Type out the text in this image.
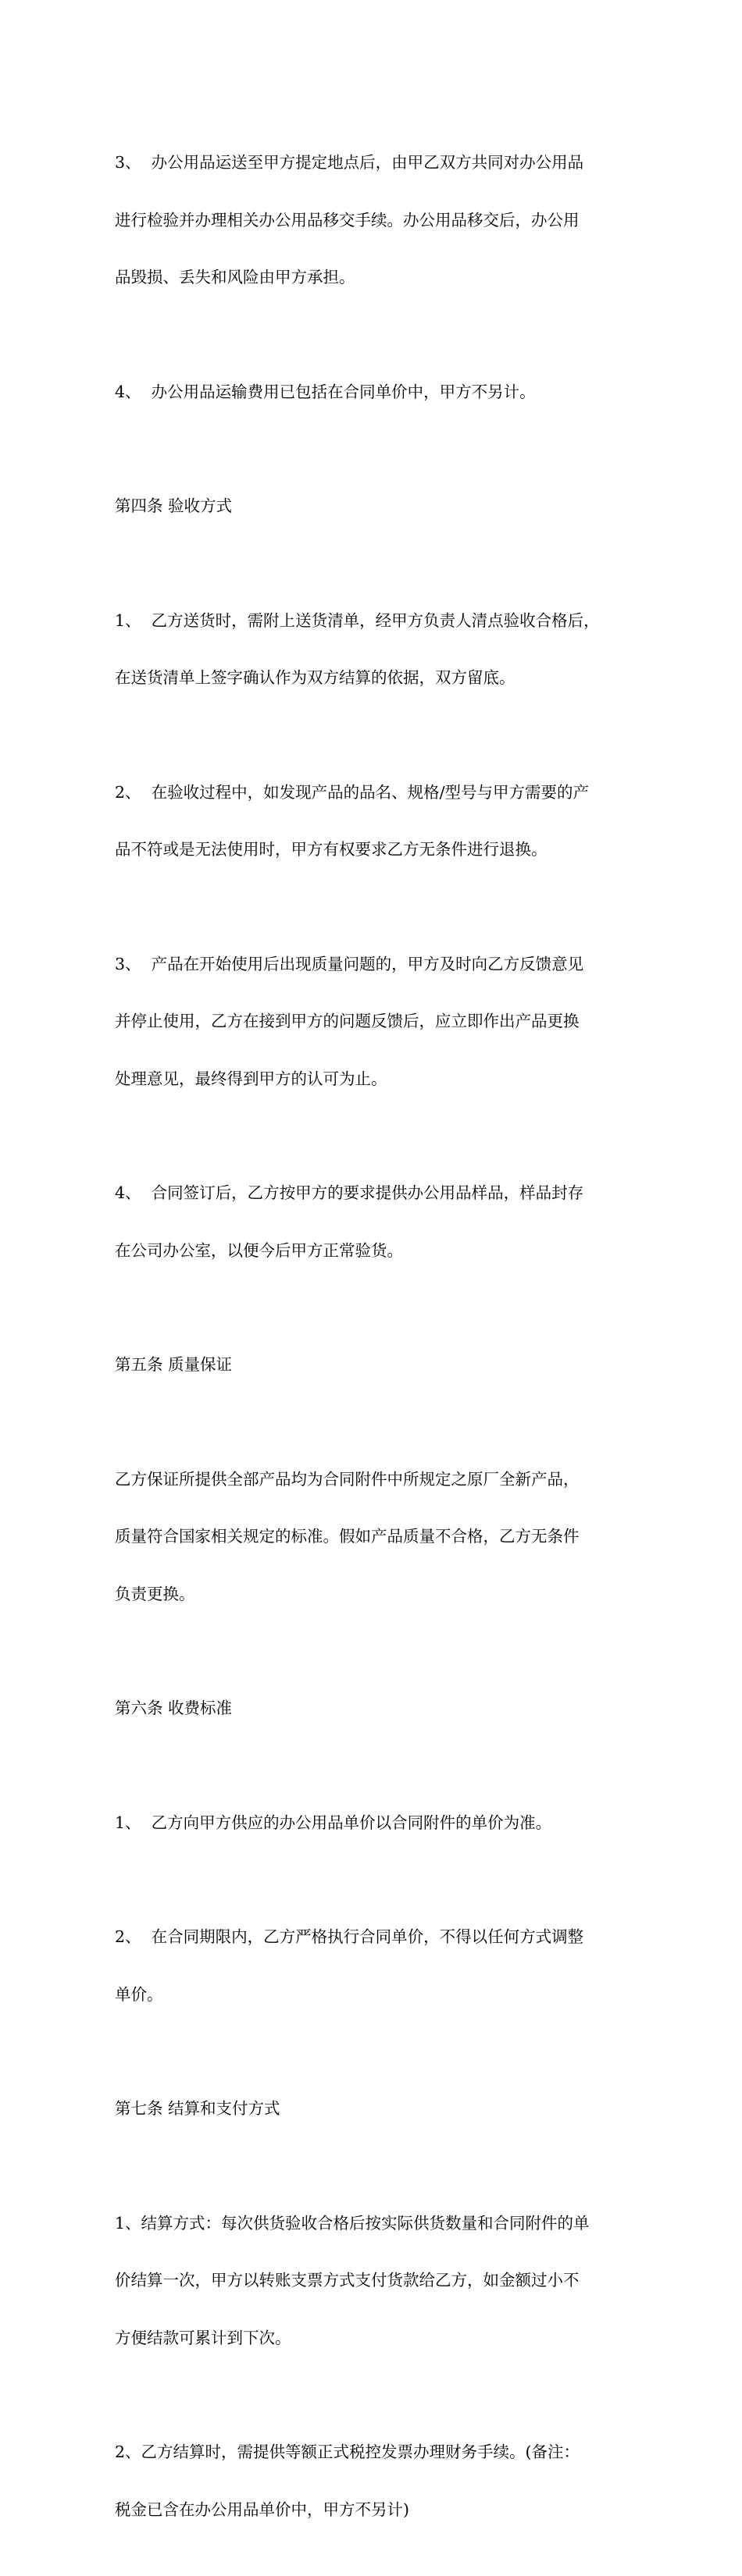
3、  办公用品运送至甲方提定地点后，由甲乙双方共同对办公用品

进行检验并办理相关办公用品移交手续。办公用品移交后，办公用

品毁损、丢失和风险由甲方承担。

4、  办公用品运输费用已包括在合同单价中，甲方不另计。

第四条 验收方式

1、  乙方送货时，需附上送货清单，经甲方负责人清点验收合格后，

在送货清单上签字确认作为双方结算的依据，双方留底。

2、  在验收过程中，如发现产品的品名、规格/型号与甲方需要的产

品不符或是无法使用时，甲方有权要求乙方无条件进行退换。

3、  产品在开始使用后出现质量问题的，甲方及时向乙方反馈意见

并停止使用，乙方在接到甲方的问题反馈后，应立即作出产品更换

处理意见，最终得到甲方的认可为止。

4、  合同签订后，乙方按甲方的要求提供办公用品样品，样品封存

在公司办公室，以便今后甲方正常验货。

第五条 质量保证

乙方保证所提供全部产品均为合同附件中所规定之原厂全新产品，

质量符合国家相关规定的标准。假如产品质量不合格，乙方无条件

负责更换。

第六条 收费标准

1、  乙方向甲方供应的办公用品单价以合同附件的单价为准。

2、  在合同期限内，乙方严格执行合同单价，不得以任何方式调整

单价。

第七条 结算和支付方式

1、结算方式：每次供货验收合格后按实际供货数量和合同附件的单

价结算一次，甲方以转账支票方式支付货款给乙方，如金额过小不

方便结款可累计到下次。

2、乙方结算时，需提供等额正式税控发票办理财务手续。(备注：

税金已含在办公用品单价中，甲方不另计)
